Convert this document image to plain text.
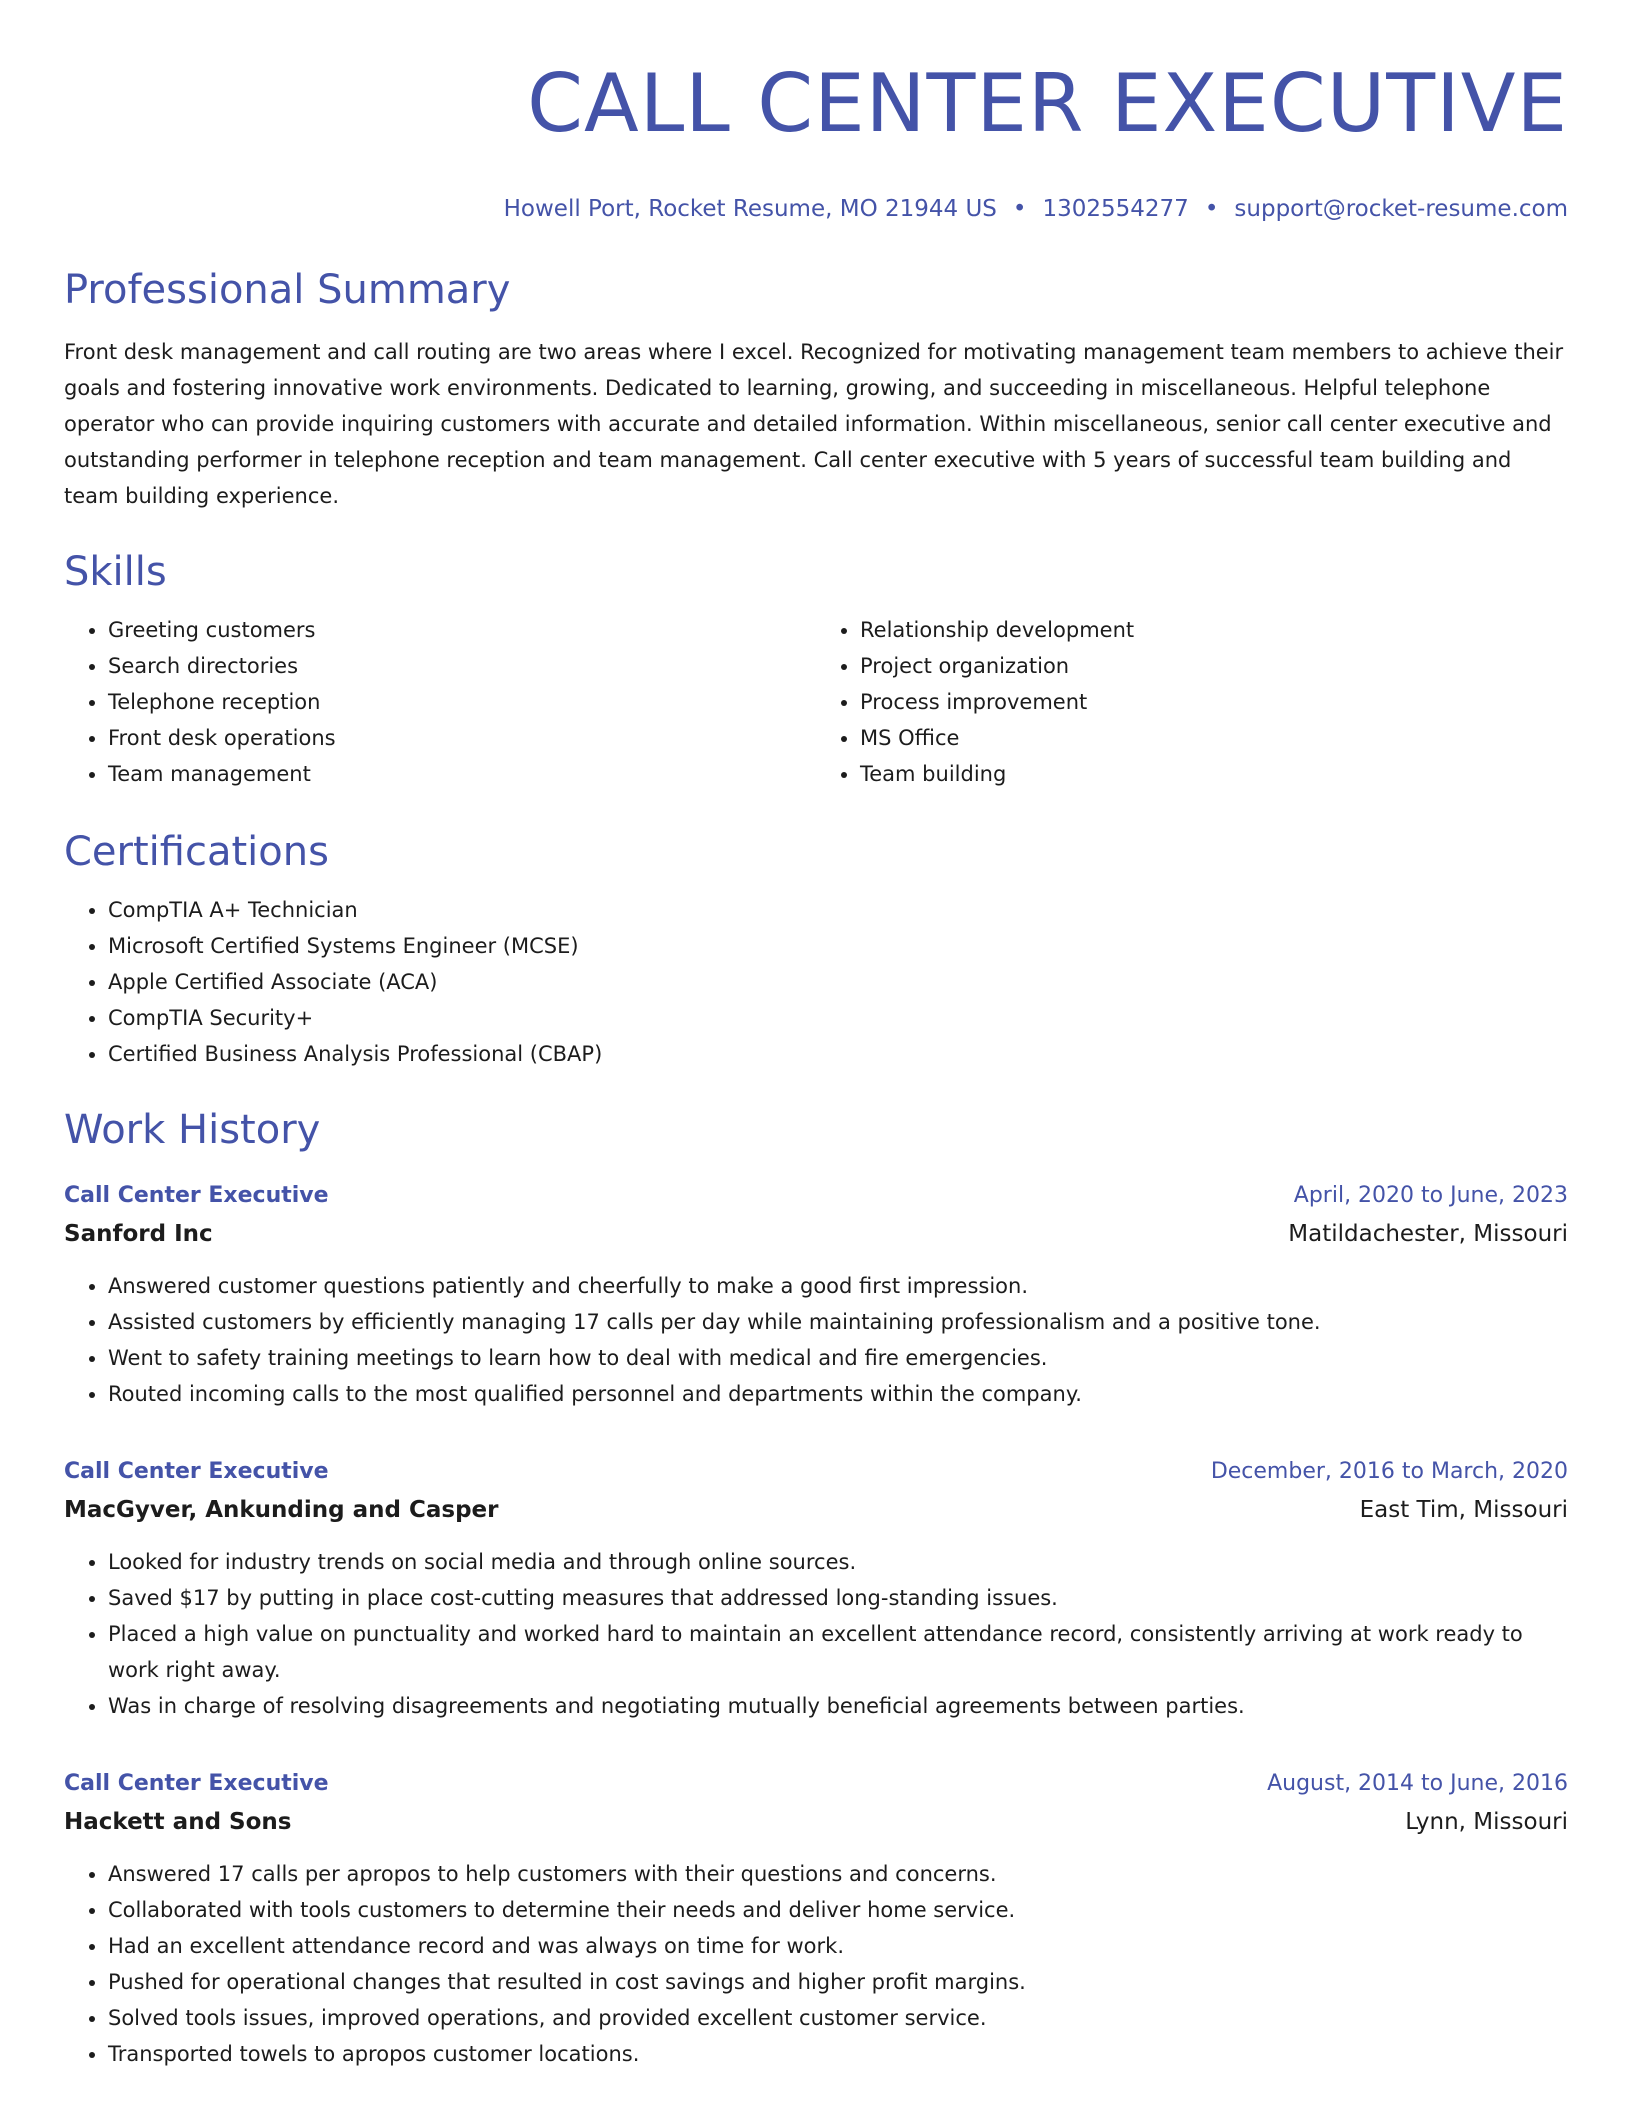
CALL CENTER EXECUTIVE
Howell Port, Rocket Resume, MO 21944 US • 1302554277 • support@rocket-resume.com
Professional Summary

Front desk management and call routing are two areas where I excel. Recognized for motivating management team members to achieve their goals and fostering innovative work environments. Dedicated to learning, growing, and succeeding in miscellaneous. Helpful telephone operator who can provide inquiring customers with accurate and detailed information. Within miscellaneous, senior call center executive and outstanding performer in telephone reception and team management. Call center executive with 5 years of successful team building and team building experience.

Skills
• Greeting customers
• Search directories
• Telephone reception
• Front desk operations
• Team management
• Relationship development
• Project organization
• Process improvement
• MS Office
• Team building
Certifications
• CompTIA A+ Technician
• Microsoft Certified Systems Engineer (MCSE)
• Apple Certified Associate (ACA)
• CompTIA Security+
• Certified Business Analysis Professional (CBAP)
Work History
Call Center Executive	April, 2020 to June, 2023
Sanford Inc	Matildachester, Missouri
• Answered customer questions patiently and cheerfully to make a good first impression.
• Assisted customers by efficiently managing 17 calls per day while maintaining professionalism and a positive tone.
• Went to safety training meetings to learn how to deal with medical and fire emergencies.
• Routed incoming calls to the most qualified personnel and departments within the company.
Call Center Executive	December, 2016 to March, 2020
MacGyver, Ankunding and Casper	East Tim, Missouri
• Looked for industry trends on social media and through online sources.
• Saved $17 by putting in place cost-cutting measures that addressed long-standing issues.
• Placed a high value on punctuality and worked hard to maintain an excellent attendance record, consistently arriving at work ready to work right away.
• Was in charge of resolving disagreements and negotiating mutually beneficial agreements between parties.
Call Center Executive	August, 2014 to June, 2016
Hackett and Sons	Lynn, Missouri
• Answered 17 calls per apropos to help customers with their questions and concerns.
• Collaborated with tools customers to determine their needs and deliver home service.
• Had an excellent attendance record and was always on time for work.
• Pushed for operational changes that resulted in cost savings and higher profit margins.
• Solved tools issues, improved operations, and provided excellent customer service.
• Transported towels to apropos customer locations.
